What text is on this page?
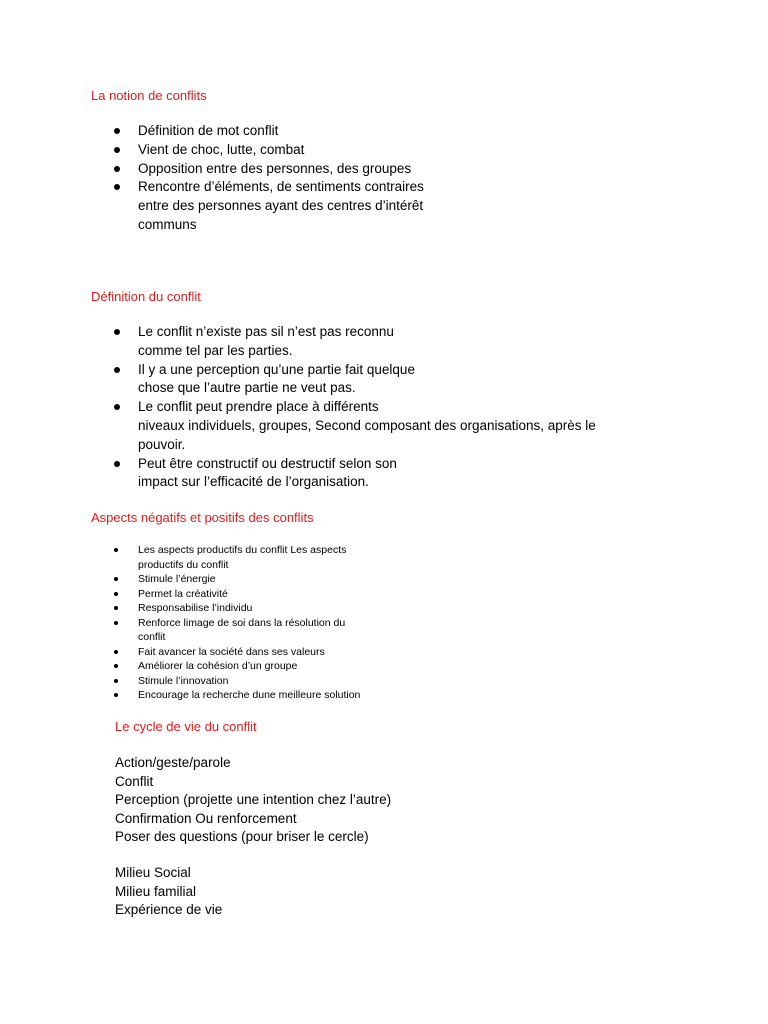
La notion de conflits
Définition de mot conflit
Vient de choc, lutte, combat
Opposition entre des personnes, des groupes
Rencontre d’éléments, de sentiments contraires
entre des personnes ayant des centres d’intérêt
communs
Définition du conflit
Le conflit n’existe pas sil n’est pas reconnu
comme tel par les parties.
Il y a une perception qu’une partie fait quelque
chose que l’autre partie ne veut pas.
Le conflit peut prendre place à différents
niveaux individuels, groupes, Second composant des organisations, après le
pouvoir.
Peut être constructif ou destructif selon son
impact sur l’efficacité de l’organisation.
Aspects négatifs et positifs des conflits
Les aspects productifs du conflit Les aspects
productifs du conflit
Stimule l’énergie
Permet la créativité
Responsabilise l’individu
Renforce limage de soi dans la résolution du
conflit
Fait avancer la société dans ses valeurs
Améliorer la cohésion d’un groupe
Stimule l’innovation
Encourage la recherche dune meilleure solution
Le cycle de vie du conflit
Action/geste/parole
Conflit
Perception (projette une intention chez l’autre)
Confirmation Ou renforcement
Poser des questions (pour briser le cercle)
Milieu Social
Milieu familial
Expérience de vie
